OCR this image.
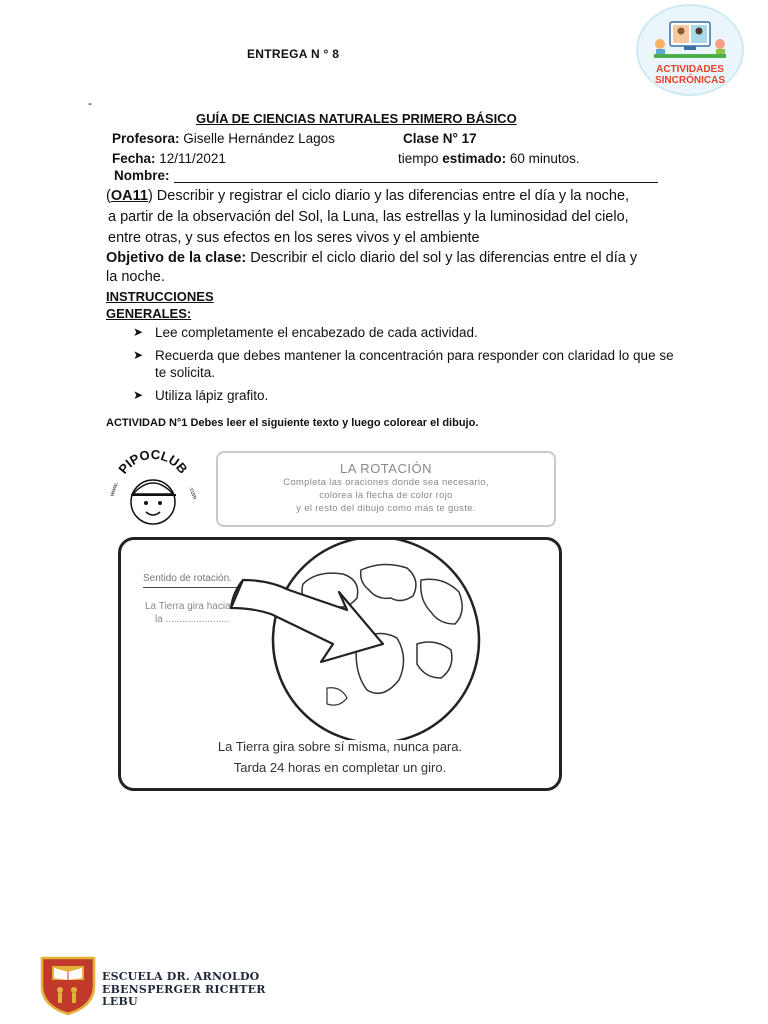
ENTREGA N ° 8
-
GUÍA DE CIENCIAS NATURALES PRIMERO BÁSICO
ACTIVIDADES
SINCRÓNICAS
Profesora: Giselle Hernández Lagos	Clase N° 17
Fecha: 12/11/2021	tiempo estimado: 60 minutos.
Nombre:
(OA11) Describir y registrar el ciclo diario y las diferencias entre el día y la noche,
a partir de la observación del Sol, la Luna, las estrellas y la luminosidad del cielo,
entre otras, y sus efectos en los seres vivos y el ambiente
Objetivo de la clase: Describir el ciclo diario del sol y las diferencias entre el día y
la noche.
INSTRUCCIONES
GENERALES:
➤ Lee completamente el encabezado de cada actividad.
➤ Recuerda que debes mantener la concentración para responder con claridad lo que se te solicita.
➤ Utiliza lápiz grafito.
ACTIVIDAD N°1 Debes leer el siguiente texto y luego colorear el dibujo.
PIPOCLUB
www.	.com
LA ROTACIÓN
Completa las oraciones donde sea necesario,
colorea la flecha de color rojo
y el resto del dibujo como más te guste.
Sentido de rotación.
La Tierra gira hacia
la .......................
La Tierra gira sobre sí misma, nunca para.
Tarda 24 horas en completar un giro.
ESCUELA DR. ARNOLDO
EBENSPERGER RICHTER
LEBU
